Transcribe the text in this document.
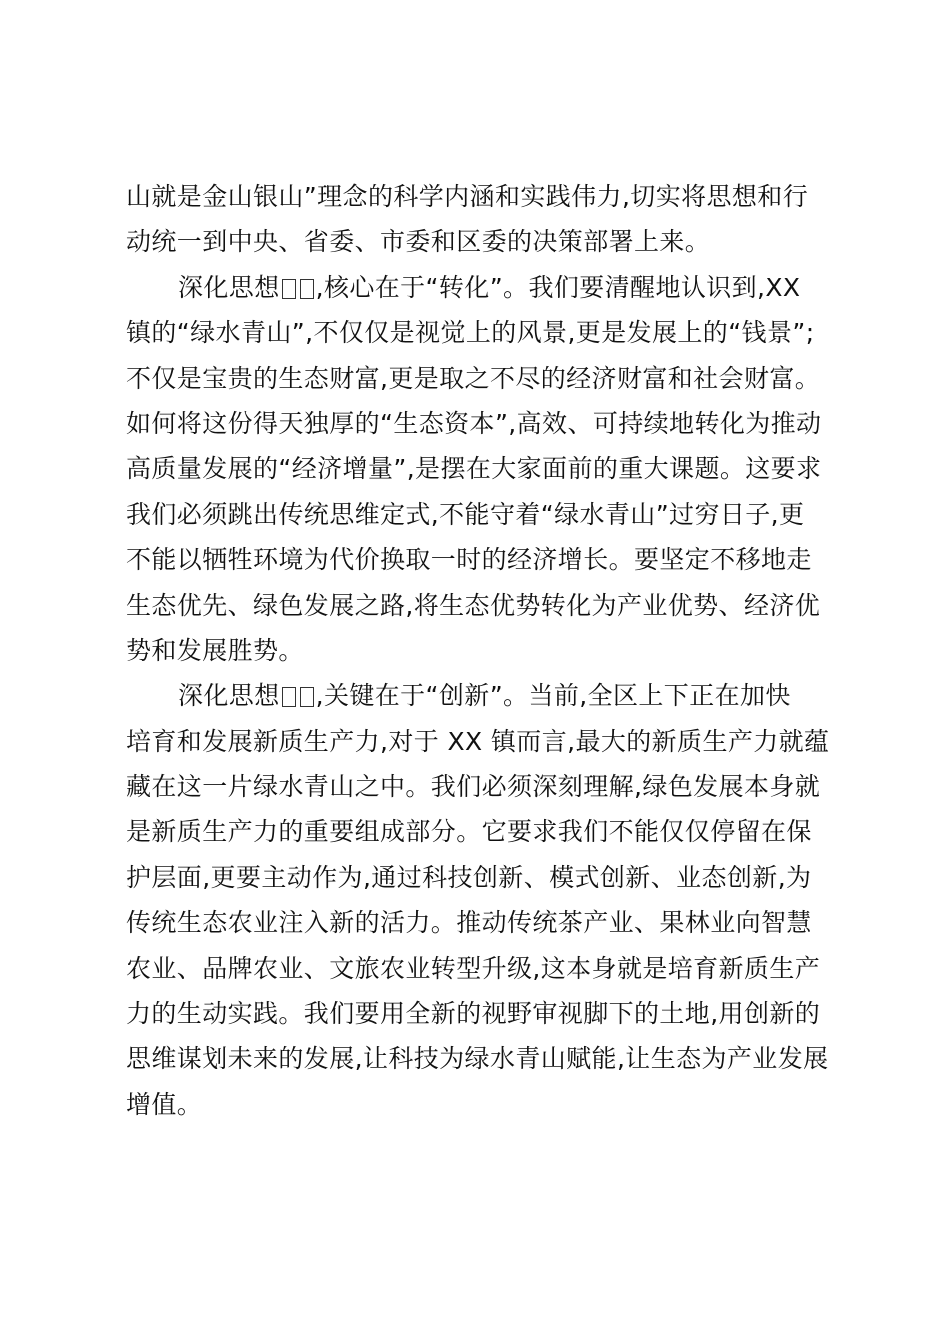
山就是金山银山”理念的科学内涵和实践伟力,切实将思想和行
动统一到中央、省委、市委和区委的决策部署上来。
深化思想 ,核心在于“转化”。我们要清醒地认识到,XX
镇的“绿水青山”,不仅仅是视觉上的风景,更是发展上的“钱景”;
不仅是宝贵的生态财富,更是取之不尽的经济财富和社会财富。
如何将这份得天独厚的“生态资本”,高效、可持续地转化为推动
高质量发展的“经济增量”,是摆在大家面前的重大课题。这要求
我们必须跳出传统思维定式,不能守着“绿水青山”过穷日子,更
不能以牺牲环境为代价换取一时的经济增长。要坚定不移地走
生态优先、绿色发展之路,将生态优势转化为产业优势、经济优
势和发展胜势。
深化思想 ,关键在于“创新”。当前,全区上下正在加快
培育和发展新质生产力,对于 XX 镇而言,最大的新质生产力就蕴
藏在这一片绿水青山之中。我们必须深刻理解,绿色发展本身就
是新质生产力的重要组成部分。它要求我们不能仅仅停留在保
护层面,更要主动作为,通过科技创新、模式创新、业态创新,为
传统生态农业注入新的活力。推动传统茶产业、果林业向智慧
农业、品牌农业、文旅农业转型升级,这本身就是培育新质生产
力的生动实践。我们要用全新的视野审视脚下的土地,用创新的
思维谋划未来的发展,让科技为绿水青山赋能,让生态为产业发展
增值。
